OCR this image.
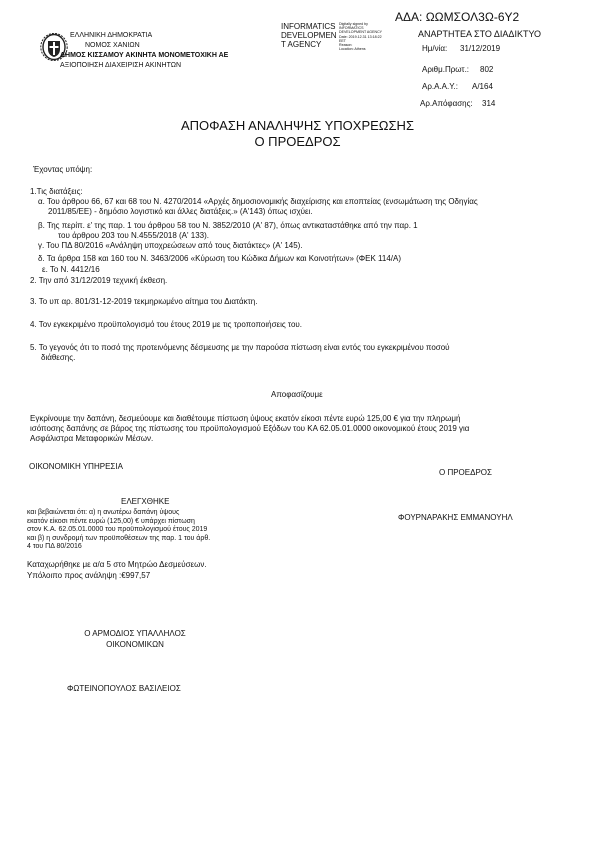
ΑΔΑ: ΩΩΜΣΟΛ3Ω-6Υ2
ΕΛΛΗΝΙΚΗ ΔΗΜΟΚΡΑΤΙΑ
ΝΟΜΟΣ ΧΑΝΙΩΝ
ΔΗΜΟΣ ΚΙΣΣΑΜΟΥ ΑΚΙΝΗΤΑ ΜΟΝΟΜΕΤΟΧΙΚΗ ΑΕ
ΑΞΙΟΠΟΙΗΣΗ ΔΙΑΧΕΙΡΙΣΗ ΑΚΙΝΗΤΩΝ
INFORMATICS
DEVELOPMEN
T AGENCY
Digitally signed by
INFORMATICS
DEVELOPMENT AGENCY
Date: 2019.12.31 13:18:22
EET
Reason:
Location: Athens
ΑΝΑΡΤΗΤΕΑ ΣΤΟ ΔΙΑΔΙΚΤΥΟ
Ημ/νία: 31/12/2019
Αριθμ.Πρωτ.: 802
Αρ.Α.Α.Υ.: Α/164
Αρ.Απόφασης: 314
ΑΠΟΦΑΣΗ ΑΝΑΛΗΨΗΣ ΥΠΟΧΡΕΩΣΗΣ
Ο ΠΡΟΕΔΡΟΣ
Έχοντας υπόψη:
1.Τις διατάξεις:
α. Του άρθρου 66, 67 και 68 του Ν. 4270/2014 «Αρχές δημοσιονομικής διαχείρισης και εποπτείας (ενσωμάτωση της Οδηγίας
2011/85/ΕΕ) - δημόσιο λογιστικό και άλλες διατάξεις.» (Α'143) όπως ισχύει.
β. Της περίπ. ε' της παρ. 1 του άρθρου 58 του Ν. 3852/2010 (Α' 87), όπως αντικαταστάθηκε από την παρ. 1
του άρθρου 203 του Ν.4555/2018 (Α' 133).
γ. Του ΠΔ 80/2016 «Ανάληψη υποχρεώσεων από τους διατάκτες» (Α' 145).
δ. Τα άρθρα 158 και 160 του Ν. 3463/2006 «Κύρωση του Κώδικα Δήμων και Κοινοτήτων» (ΦΕΚ 114/Α)
ε. Το Ν. 4412/16
2. Την από 31/12/2019 τεχνική έκθεση.
3. Το υπ αρ. 801/31-12-2019 τεκμηριωμένο αίτημα του Διατάκτη.
4. Τον εγκεκριμένο προϋπολογισμό του έτους 2019 με τις τροποποιήσεις του.
5. Το γεγονός ότι το ποσό της προτεινόμενης δέσμευσης με την παρούσα πίστωση είναι εντός του εγκεκριμένου ποσού
διάθεσης.
Αποφασίζουμε
Εγκρίνουμε την δαπάνη, δεσμεύουμε και διαθέτουμε πίστωση ύψους εκατόν είκοσι πέντε ευρώ 125,00 € για την πληρωμή
ισόποσης δαπάνης σε βάρος της πίστωσης του προϋπολογισμού Εξόδων του ΚΑ 62.05.01.0000 οικονομικού έτους 2019 για
Ασφάλιστρα Μεταφορικών Μέσων.
ΟΙΚΟΝΟΜΙΚΗ ΥΠΗΡΕΣΙΑ
ΕΛΕΓΧΘΗΚΕ
και βεβαιώνεται ότι: α) η ανωτέρω δαπάνη ύψους
εκατόν είκοσι πέντε ευρώ (125,00) € υπάρχει πίστωση
στον Κ.Α. 62.05.01.0000 του προϋπολογισμού έτους 2019
και β) η συνδρομή των προϋποθέσεων της παρ. 1 του άρθ.
4 του ΠΔ 80/2016
Καταχωρήθηκε με α/α 5 στο Μητρώο Δεσμεύσεων.
Υπόλοιπο προς ανάληψη :€997,57
Ο ΑΡΜΟΔΙΟΣ ΥΠΑΛΛΗΛΟΣ
ΟΙΚΟΝΟΜΙΚΩΝ
ΦΩΤΕΙΝΟΠΟΥΛΟΣ ΒΑΣΙΛΕΙΟΣ
Ο ΠΡΟΕΔΡΟΣ
ΦΟΥΡΝΑΡΑΚΗΣ ΕΜΜΑΝΟΥΗΛ
